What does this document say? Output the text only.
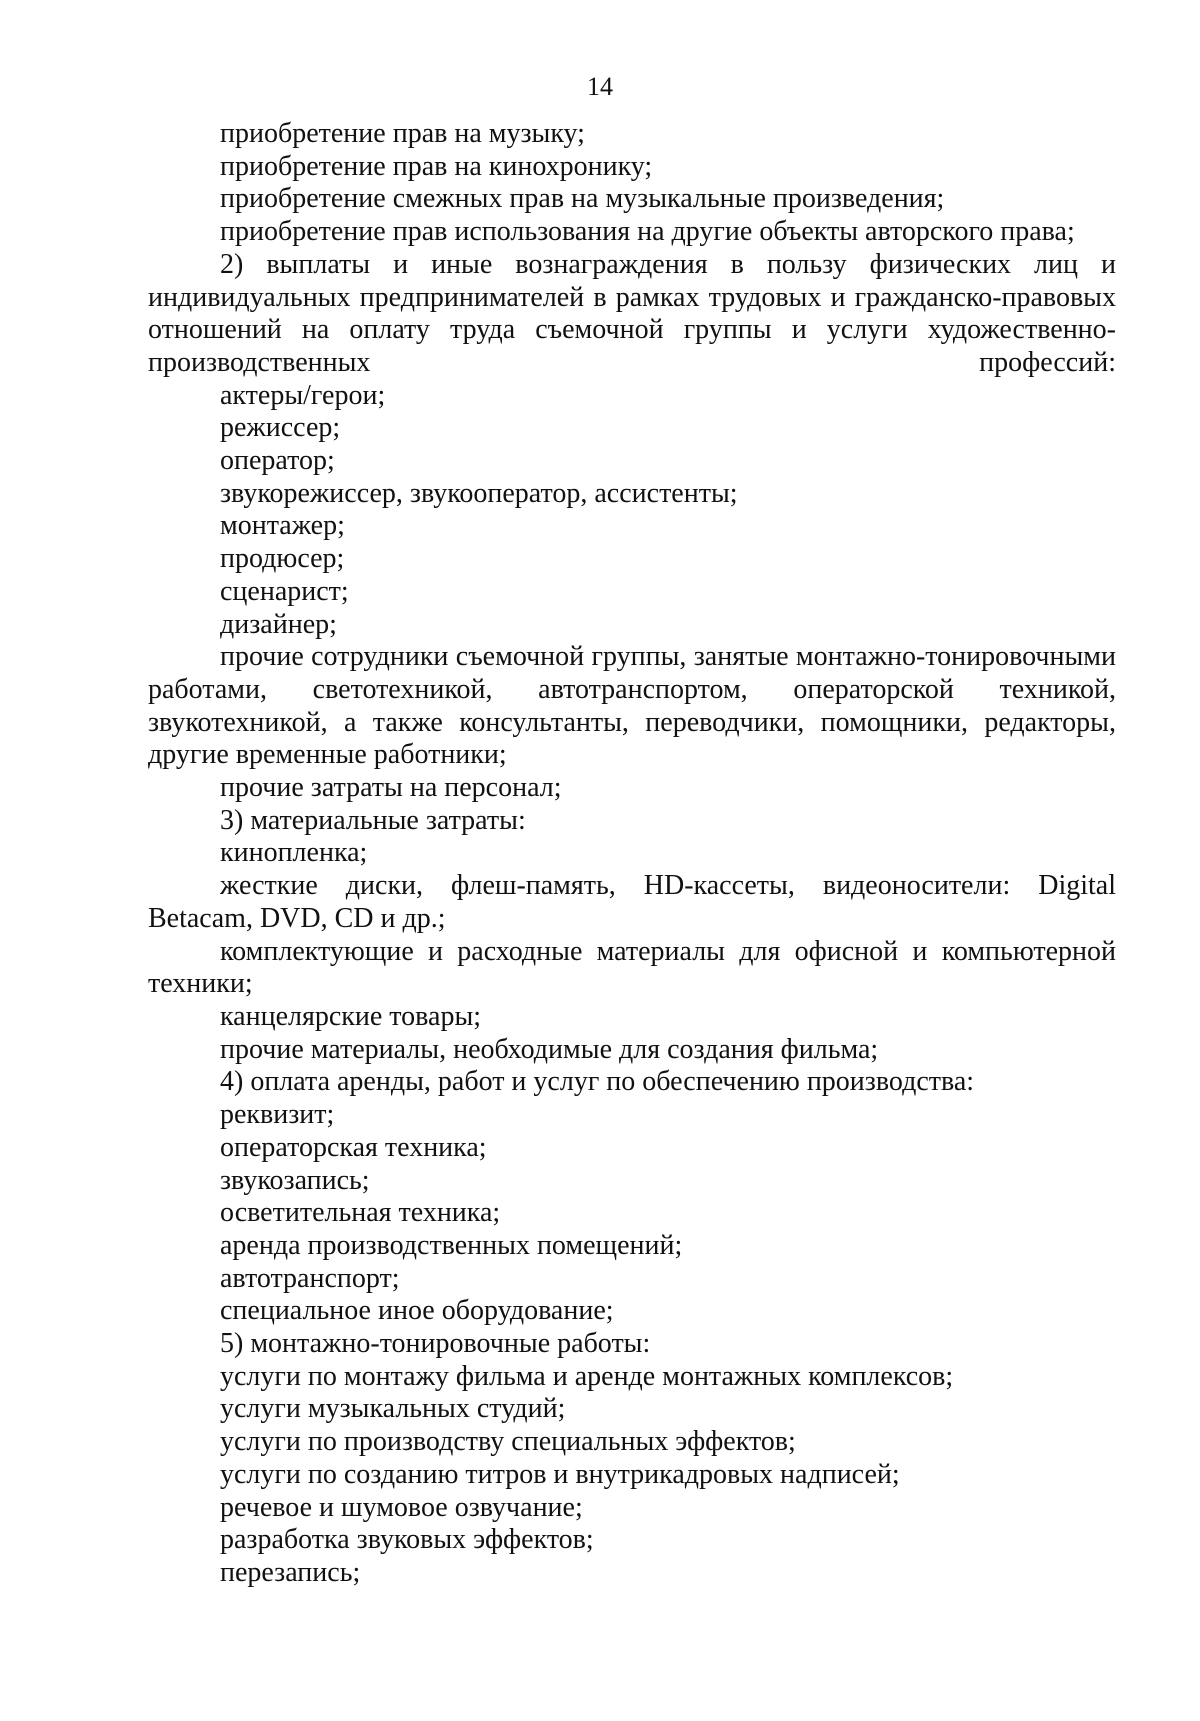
14

приобретение прав на музыку;

приобретение прав на кинохронику;

приобретение смежных прав на музыкальные произведения;

приобретение прав использования на другие объекты авторского права;

2) выплаты и иные вознаграждения в пользу физических лиц и индивидуальных предпринимателей в рамках трудовых и гражданско-правовых отношений на оплату труда съемочной группы и услуги художественно-производственных профессий:

актеры/герои;

режиссер;

оператор;

звукорежиссер, звукооператор, ассистенты;

монтажер;

продюсер;

сценарист;

дизайнер;

прочие сотрудники съемочной группы, занятые монтажно-тонировочными работами, светотехникой, автотранспортом, операторской техникой, звукотехникой, а также консультанты, переводчики, помощники, редакторы, другие временные работники;

прочие затраты на персонал;

3) материальные затраты:

кинопленка;

жесткие диски, флеш-память, HD-кассеты, видеоносители: Digital Betacam, DVD, CD и др.;

комплектующие и расходные материалы для офисной и компьютерной техники;

канцелярские товары;

прочие материалы, необходимые для создания фильма;

4) оплата аренды, работ и услуг по обеспечению производства:

реквизит;

операторская техника;

звукозапись;

осветительная техника;

аренда производственных помещений;

автотранспорт;

специальное иное оборудование;

5) монтажно-тонировочные работы:

услуги по монтажу фильма и аренде монтажных комплексов;

услуги музыкальных студий;

услуги по производству специальных эффектов;

услуги по созданию титров и внутрикадровых надписей;

речевое и шумовое озвучание;

разработка звуковых эффектов;

перезапись;
